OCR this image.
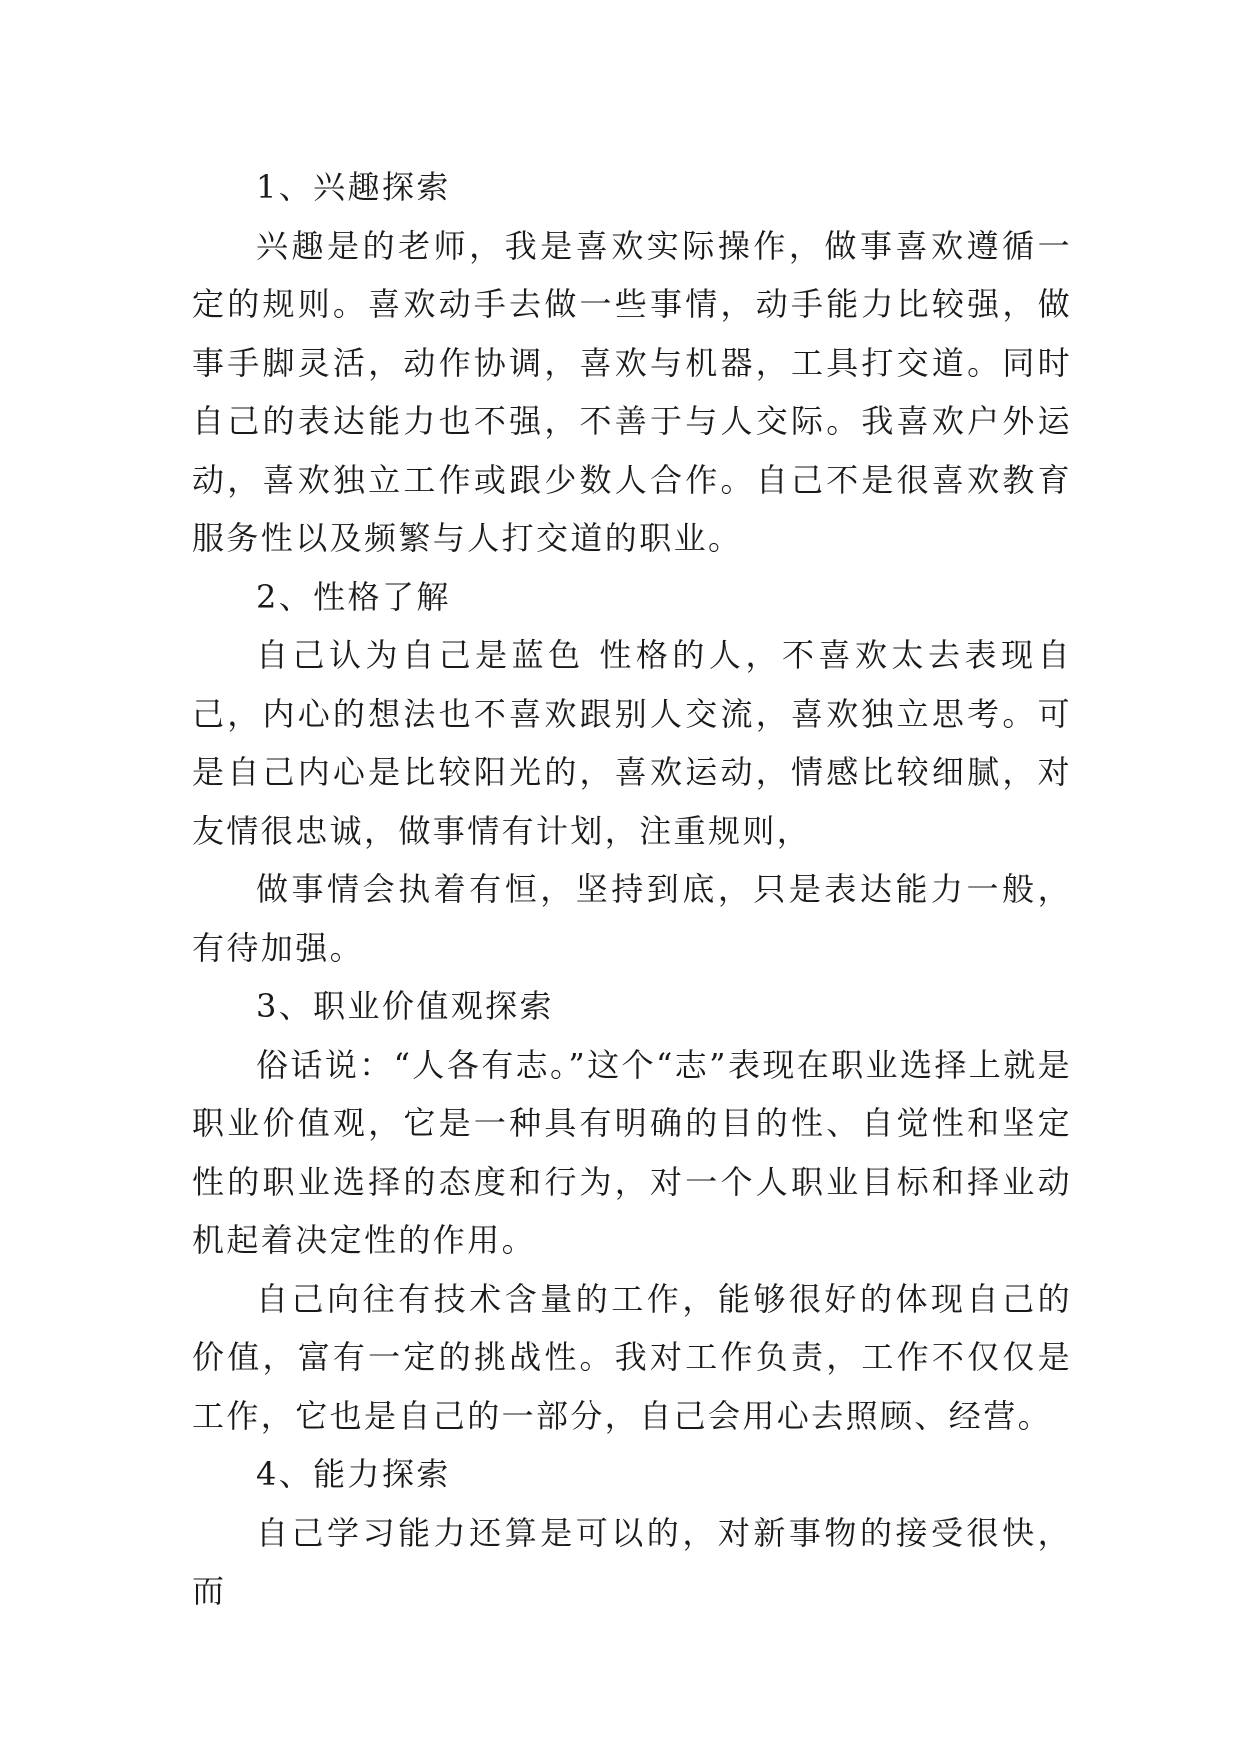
1、兴趣探索

兴趣是的老师，我是喜欢实际操作，做事喜欢遵循一定的规则。喜欢动手去做一些事情，动手能力比较强，做事手脚灵活，动作协调，喜欢与机器，工具打交道。同时自己的表达能力也不强，不善于与人交际。我喜欢户外运动，喜欢独立工作或跟少数人合作。自己不是很喜欢教育服务性以及频繁与人打交道的职业。

2、性格了解

自己认为自己是蓝色 性格的人，不喜欢太去表现自己，内心的想法也不喜欢跟别人交流，喜欢独立思考。可是自己内心是比较阳光的，喜欢运动，情感比较细腻，对友情很忠诚，做事情有计划，注重规则，

做事情会执着有恒，坚持到底，只是表达能力一般，有待加强。

3、职业价值观探索

俗话说：“人各有志。”这个“志”表现在职业选择上就是职业价值观，它是一种具有明确的目的性、自觉性和坚定性的职业选择的态度和行为，对一个人职业目标和择业动机起着决定性的作用。

自己向往有技术含量的工作，能够很好的体现自己的价值，富有一定的挑战性。我对工作负责，工作不仅仅是工作，它也是自己的一部分，自己会用心去照顾、经营。

4、能力探索

自己学习能力还算是可以的，对新事物的接受很快，而
